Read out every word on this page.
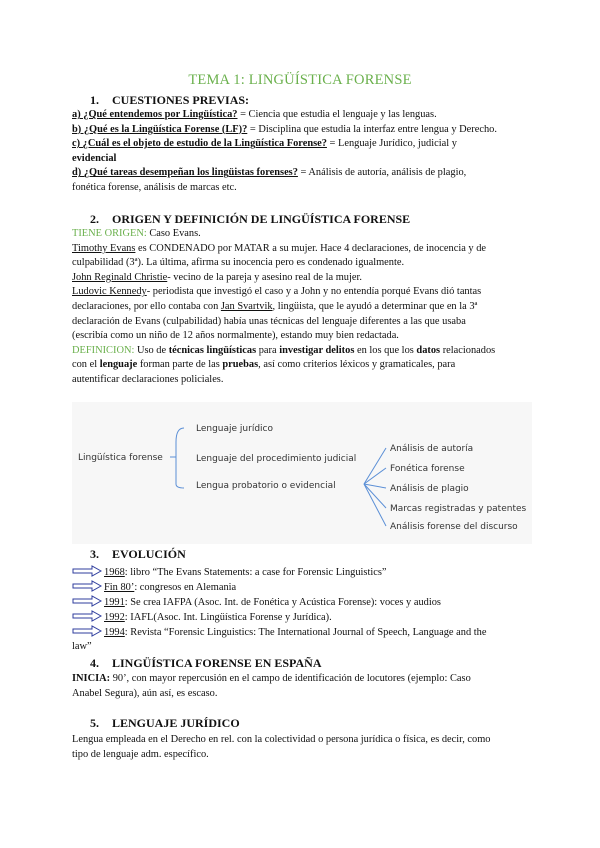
TEMA 1: LINGÜÍSTICA FORENSE
1. CUESTIONES PREVIAS:
a) ¿Qué entendemos por Lingüística? = Ciencia que estudia el lenguaje y las lenguas.
b) ¿Qué es la Lingüística Forense (LF)? = Disciplina que estudia la interfaz entre lengua y Derecho.
c) ¿Cuál es el objeto de estudio de la Lingüística Forense? = Lenguaje Jurídico, judicial y
evidencial
d) ¿Qué tareas desempeñan los lingüistas forenses? = Análisis de autoría, análisis de plagio,
fonética forense, análisis de marcas etc.
2. ORIGEN Y DEFINICIÓN DE LINGÜÍSTICA FORENSE
TIENE ORIGEN: Caso Evans.
Timothy Evans es CONDENADO por MATAR a su mujer. Hace 4 declaraciones, de inocencia y de
culpabilidad (3ª). La última, afirma su inocencia pero es condenado igualmente.
John Reginald Christie- vecino de la pareja y asesino real de la mujer.
Ludovic Kennedy- periodista que investigó el caso y a John y no entendía porqué Evans dió tantas
declaraciones, por ello contaba con Jan Svartvik, lingüista, que le ayudó a determinar que en la 3ª
declaración de Evans (culpabilidad) había unas técnicas del lenguaje diferentes a las que usaba
(escribía como un niño de 12 años normalmente), estando muy bien redactada.
DEFINICION: Uso de técnicas lingüísticas para investigar delitos en los que los datos relacionados
con el lenguaje forman parte de las pruebas, así como criterios léxicos y gramaticales, para
autentificar declaraciones policiales.
Lingüística forense
Lenguaje jurídico
Lenguaje del procedimiento judicial
Lengua probatorio o evidencial
Análisis de autoría
Fonética forense
Análisis de plagio
Marcas registradas y patentes
Análisis forense del discurso
3. EVOLUCIÓN
1968: libro “The Evans Statements: a case for Forensic Linguistics”
Fin 80’: congresos en Alemania
1991: Se crea IAFPA (Asoc. Int. de Fonética y Acústica Forense): voces y audios
1992: IAFL(Asoc. Int. Lingüística Forense y Jurídica).
1994: Revista “Forensic Linguistics: The International Journal of Speech, Language and the
law”
4. LINGÜÍSTICA FORENSE EN ESPAÑA
INICIA: 90’, con mayor repercusión en el campo de identificación de locutores (ejemplo: Caso
Anabel Segura), aún así, es escaso.
5. LENGUAJE JURÍDICO
Lengua empleada en el Derecho en rel. con la colectividad o persona jurídica o física, es decir, como
tipo de lenguaje adm. específico.
